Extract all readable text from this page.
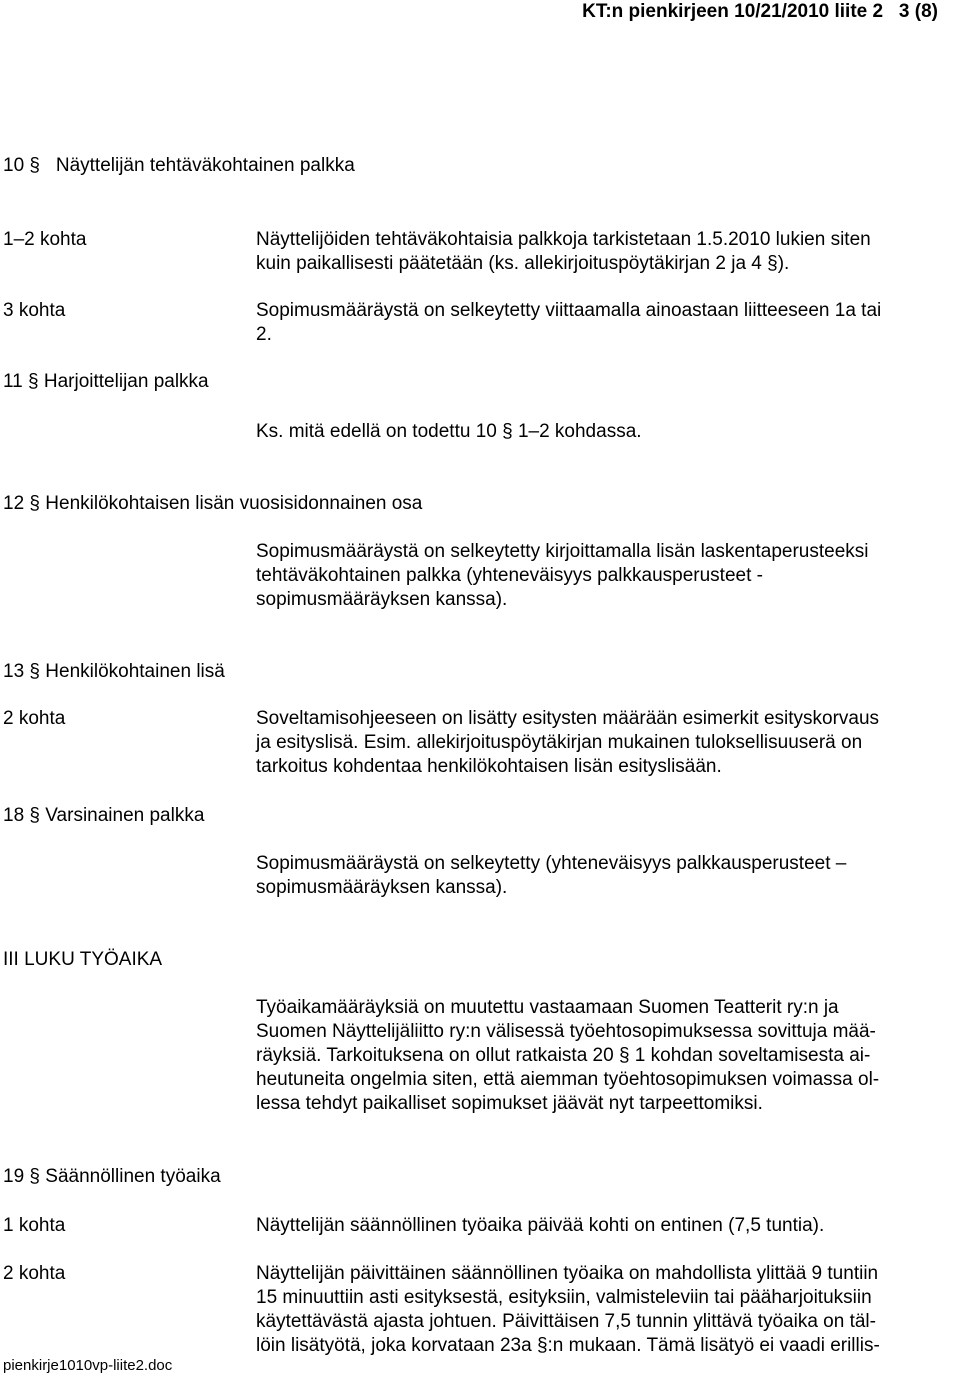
KT:n pienkirjeen 10/21/2010 liite 2 3 (8)
10 § Näyttelijän tehtäväkohtainen palkka
1–2 kohta	Näyttelijöiden tehtäväkohtaisia palkkoja tarkistetaan 1.5.2010 lukien siten
kuin paikallisesti päätetään (ks. allekirjoituspöytäkirjan 2 ja 4 §).

3 kohta	Sopimusmääräystä on selkeytetty viittaamalla ainoastaan liitteeseen 1a tai
2.

11 § Harjoittelijan palkka

Ks. mitä edellä on todettu 10 § 1–2 kohdassa.

12 § Henkilökohtaisen lisän vuosisidonnainen osa

Sopimusmääräystä on selkeytetty kirjoittamalla lisän laskentaperusteeksi
tehtäväkohtainen palkka (yhteneväisyys palkkausperusteet -
sopimusmääräyksen kanssa).

13 § Henkilökohtainen lisä
2 kohta	Soveltamisohjeeseen on lisätty esitysten määrään esimerkit esityskorvaus
ja esityslisä. Esim. allekirjoituspöytäkirjan mukainen tuloksellisuuserä on
tarkoitus kohdentaa henkilökohtaisen lisän esityslisään.

18 § Varsinainen palkka

Sopimusmääräystä on selkeytetty (yhteneväisyys palkkausperusteet –
sopimusmääräyksen kanssa).

III LUKU TYÖAIKA

Työaikamääräyksiä on muutettu vastaamaan Suomen Teatterit ry:n ja
Suomen Näyttelijäliitto ry:n välisessä työehtosopimuksessa sovittuja mää-
räyksiä. Tarkoituksena on ollut ratkaista 20 § 1 kohdan soveltamisesta ai-
heutuneita ongelmia siten, että aiemman työehtosopimuksen voimassa ol-
lessa tehdyt paikalliset sopimukset jäävät nyt tarpeettomiksi.

19 § Säännöllinen työaika
1 kohta	Näyttelijän säännöllinen työaika päivää kohti on entinen (7,5 tuntia).

2 kohta	Näyttelijän päivittäinen säännöllinen työaika on mahdollista ylittää 9 tuntiin
15 minuuttiin asti esityksestä, esityksiin, valmisteleviin tai pääharjoituksiin
käytettävästä ajasta johtuen. Päivittäisen 7,5 tunnin ylittävä työaika on täl-
löin lisätyötä, joka korvataan 23a §:n mukaan. Tämä lisätyö ei vaadi erillis-

pienkirje1010vp-liite2.doc
